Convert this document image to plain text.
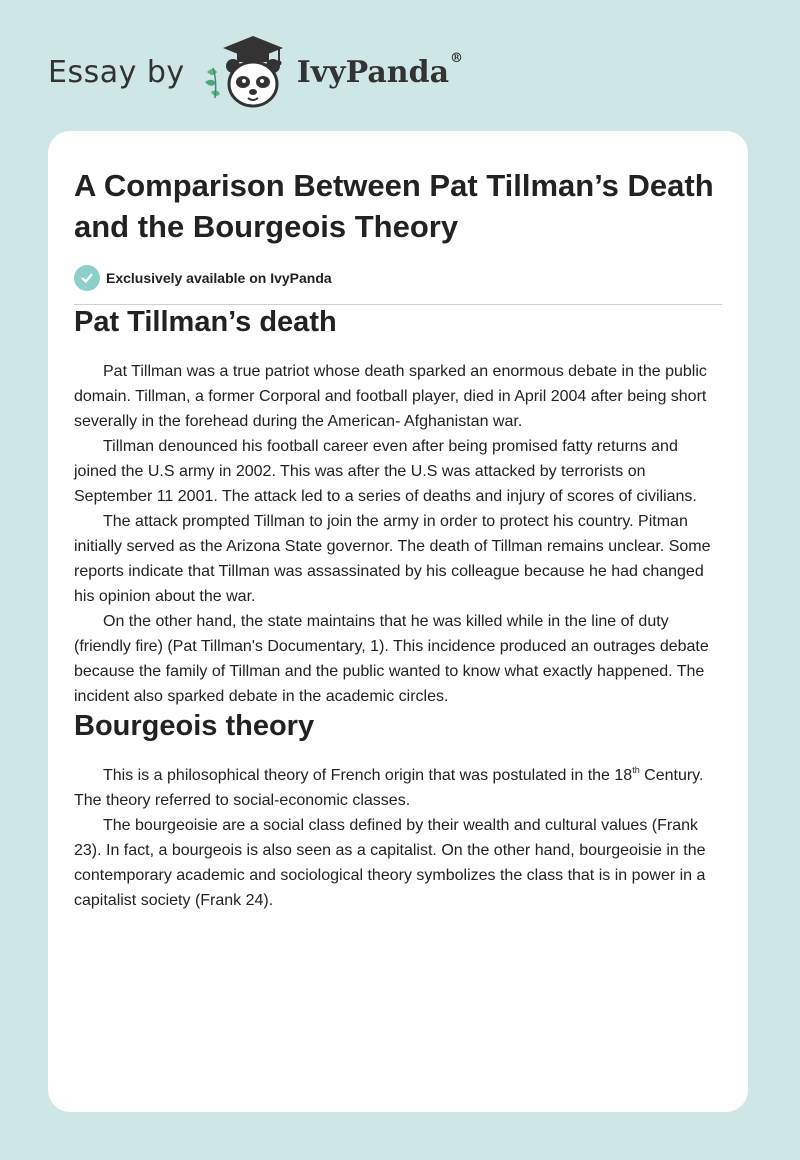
Essay by	IvyPanda®
A Comparison Between Pat Tillman’s Death and the Bourgeois Theory
Exclusively available on IvyPanda
Pat Tillman’s death

Pat Tillman was a true patriot whose death sparked an enormous debate in the public domain. Tillman, a former Corporal and football player, died in April 2004 after being short severally in the forehead during the American- Afghanistan war.

Tillman denounced his football career even after being promised fatty returns and joined the U.S army in 2002. This was after the U.S was attacked by terrorists on September 11 2001. The attack led to a series of deaths and injury of scores of civilians.

The attack prompted Tillman to join the army in order to protect his country. Pitman initially served as the Arizona State governor. The death of Tillman remains unclear. Some reports indicate that Tillman was assassinated by his colleague because he had changed his opinion about the war.

On the other hand, the state maintains that he was killed while in the line of duty (friendly fire) (Pat Tillman's Documentary, 1). This incidence produced an outrages debate because the family of Tillman and the public wanted to know what exactly happened. The incident also sparked debate in the academic circles.

Bourgeois theory

This is a philosophical theory of French origin that was postulated in the 18th Century. The theory referred to social-economic classes.

The bourgeoisie are a social class defined by their wealth and cultural values (Frank 23). In fact, a bourgeois is also seen as a capitalist. On the other hand, bourgeoisie in the contemporary academic and sociological theory symbolizes the class that is in power in a capitalist society (Frank 24).
